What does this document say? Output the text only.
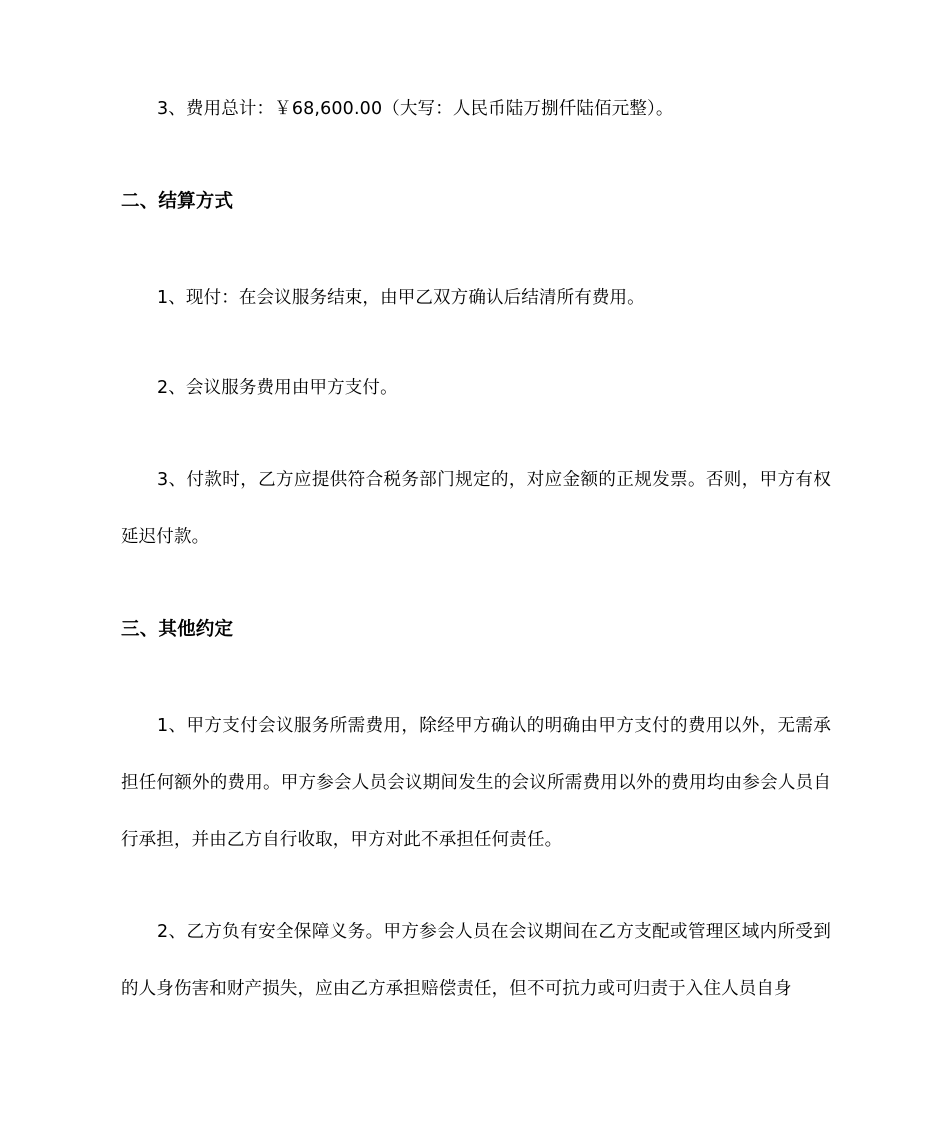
3、费用总计：￥68,600.00（大写：人民币陆万捌仟陆佰元整）。
二、结算方式
1、现付：在会议服务结束，由甲乙双方确认后结清所有费用。
2、会议服务费用由甲方支付。
3、付款时，乙方应提供符合税务部门规定的，对应金额的正规发票。否则，甲方有权延迟付款。
三、其他约定
1、甲方支付会议服务所需费用，除经甲方确认的明确由甲方支付的费用以外，无需承担任何额外的费用。甲方参会人员会议期间发生的会议所需费用以外的费用均由参会人员自行承担，并由乙方自行收取，甲方对此不承担任何责任。
2、乙方负有安全保障义务。甲方参会人员在会议期间在乙方支配或管理区域内所受到的人身伤害和财产损失，应由乙方承担赔偿责任，但不可抗力或可归责于入住人员自身
